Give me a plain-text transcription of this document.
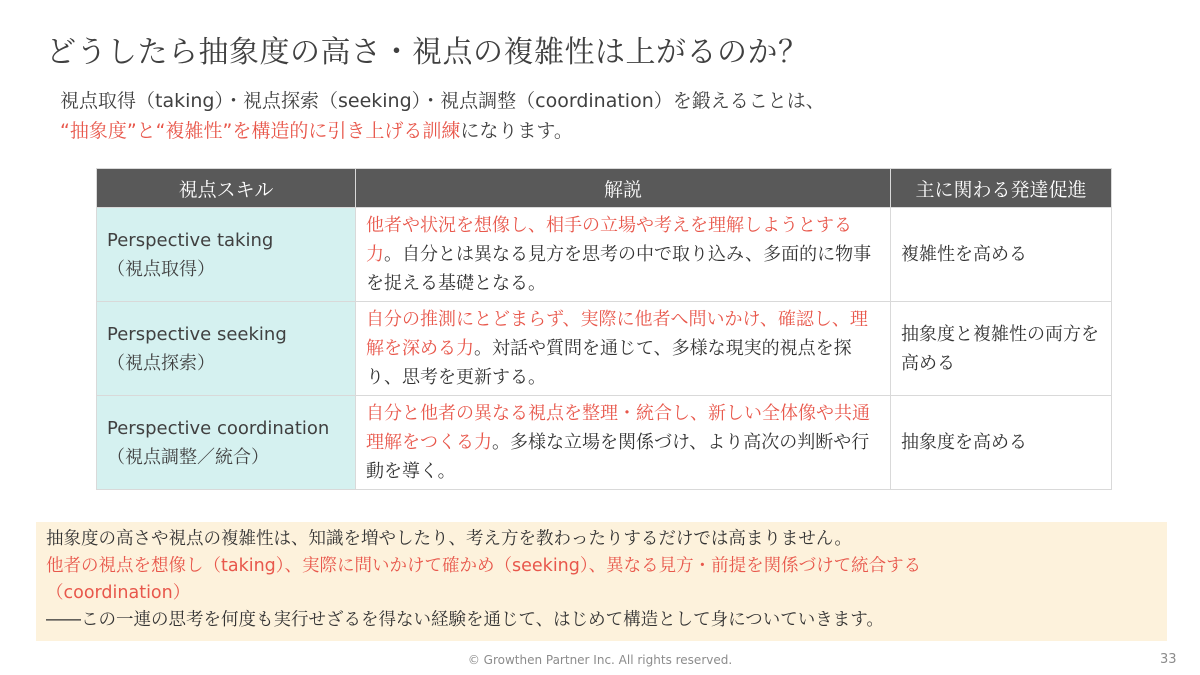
どうしたら抽象度の高さ・視点の複雑性は上がるのか？
視点取得（taking）・視点探索（seeking）・視点調整（coordination）を鍛えることは、
“抽象度”と“複雑性”を構造的に引き上げる訓練になります。
視点スキル	解説	主に関わる発達促進

Perspective taking
（視点取得）	他者や状況を想像し、相手の立場や考えを理解しようとする力。自分とは異なる見方を思考の中で取り込み、多面的に物事を捉える基礎となる。	複雑性を高める

Perspective seeking
（視点探索）	自分の推測にとどまらず、実際に他者へ問いかけ、確認し、理解を深める力。対話や質問を通じて、多様な現実的視点を探り、思考を更新する。	抽象度と複雑性の両方を高める

Perspective coordination
（視点調整／統合）	自分と他者の異なる視点を整理・統合し、新しい全体像や共通理解をつくる力。多様な立場を関係づけ、より高次の判断や行動を導く。	抽象度を高める
抽象度の高さや視点の複雑性は、知識を増やしたり、考え方を教わったりするだけでは高まりません。
他者の視点を想像し（taking）、実際に問いかけて確かめ（seeking）、異なる見方・前提を関係づけて統合する
（coordination）
――この一連の思考を何度も実行せざるを得ない経験を通じて、はじめて構造として身についていきます。
© Growthen Partner Inc. All rights reserved.	33
